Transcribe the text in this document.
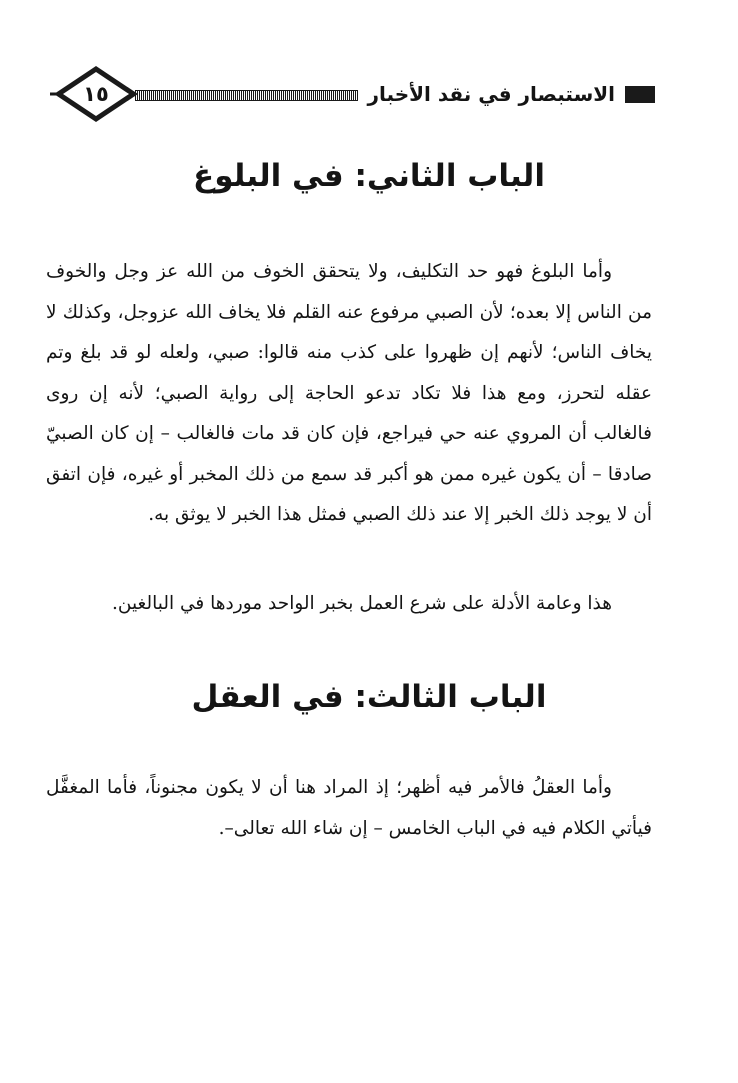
الاستبصار في نقد الأخبار
١٥
الباب الثاني: في البلوغ

وأما البلوغ فهو حد التكليف، ولا يتحقق الخوف من الله عز وجل والخوف من الناس إلا بعده؛ لأن الصبي مرفوع عنه القلم فلا يخاف الله عزوجل، وكذلك لا يخاف الناس؛ لأنهم إن ظهروا على كذب منه قالوا: صبي، ولعله لو قد بلغ وتم عقله لتحرز، ومع هذا فلا تكاد تدعو الحاجة إلى رواية الصبي؛ لأنه إن روى فالغالب أن المروي عنه حي فيراجع، فإن كان قد مات فالغالب – إن كان الصبيّ صادقا – أن يكون غيره ممن هو أكبر قد سمع من ذلك المخبر أو غيره، فإن اتفق أن لا يوجد ذلك الخبر إلا عند ذلك الصبي فمثل هذا الخبر لا يوثق به.

هذا وعامة الأدلة على شرع العمل بخبر الواحد موردها في البالغين.

الباب الثالث: في العقل

وأما العقلُ فالأمر فيه أظهر؛ إذ المراد هنا أن لا يكون مجنوناً، فأما المغفَّل فيأتي الكلام فيه في الباب الخامس – إن شاء الله تعالى–.
